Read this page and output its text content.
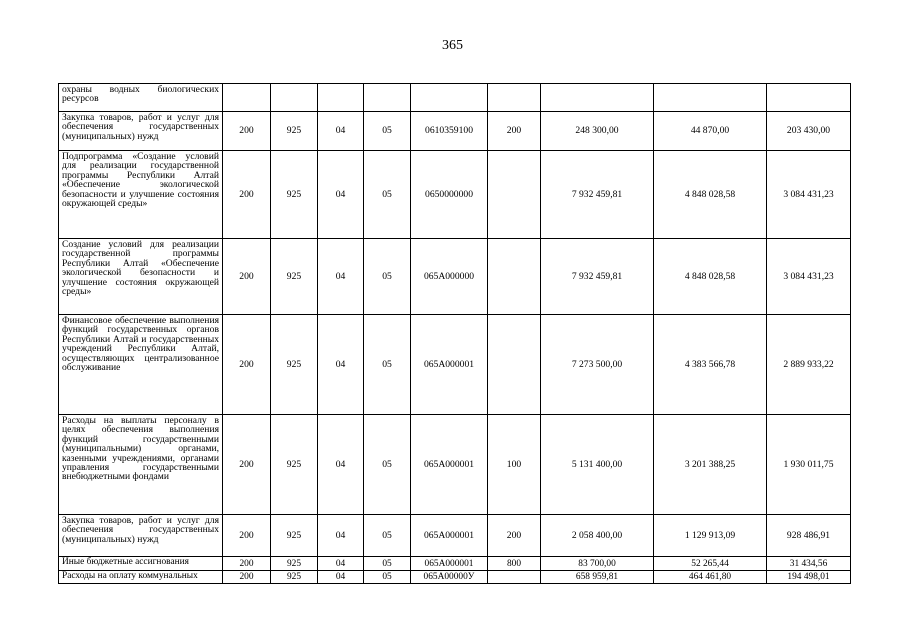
365
охраны водных биологических ресурсов									
Закупка товаров, работ и услуг для обеспечения государственных (муниципальных) нужд	200	925	04	05	0610359100	200	248 300,00	44 870,00	203 430,00
Подпрограмма «Создание условий для реализации государственной программы Республики Алтай «Обеспечение экологической безопасности и улучшение состояния окружающей среды»	200	925	04	05	0650000000		7 932 459,81	4 848 028,58	3 084 431,23
Создание условий для реализации государственной программы Республики Алтай «Обеспечение экологической безопасности и улучшение состояния окружающей среды»	200	925	04	05	065А000000		7 932 459,81	4 848 028,58	3 084 431,23
Финансовое обеспечение выполнения функций государственных органов Республики Алтай и государственных учреждений Республики Алтай, осуществляющих централизованное обслуживание	200	925	04	05	065А000001		7 273 500,00	4 383 566,78	2 889 933,22
Расходы на выплаты персоналу в целях обеспечения выполнения функций государственными (муниципальными) органами, казенными учреждениями, органами управления государственными внебюджетными фондами	200	925	04	05	065А000001	100	5 131 400,00	3 201 388,25	1 930 011,75
Закупка товаров, работ и услуг для обеспечения государственных (муниципальных) нужд	200	925	04	05	065А000001	200	2 058 400,00	1 129 913,09	928 486,91
Иные бюджетные ассигнования	200	925	04	05	065А000001	800	83 700,00	52 265,44	31 434,56
Расходы на оплату коммунальных	200	925	04	05	065А00000У		658 959,81	464 461,80	194 498,01
